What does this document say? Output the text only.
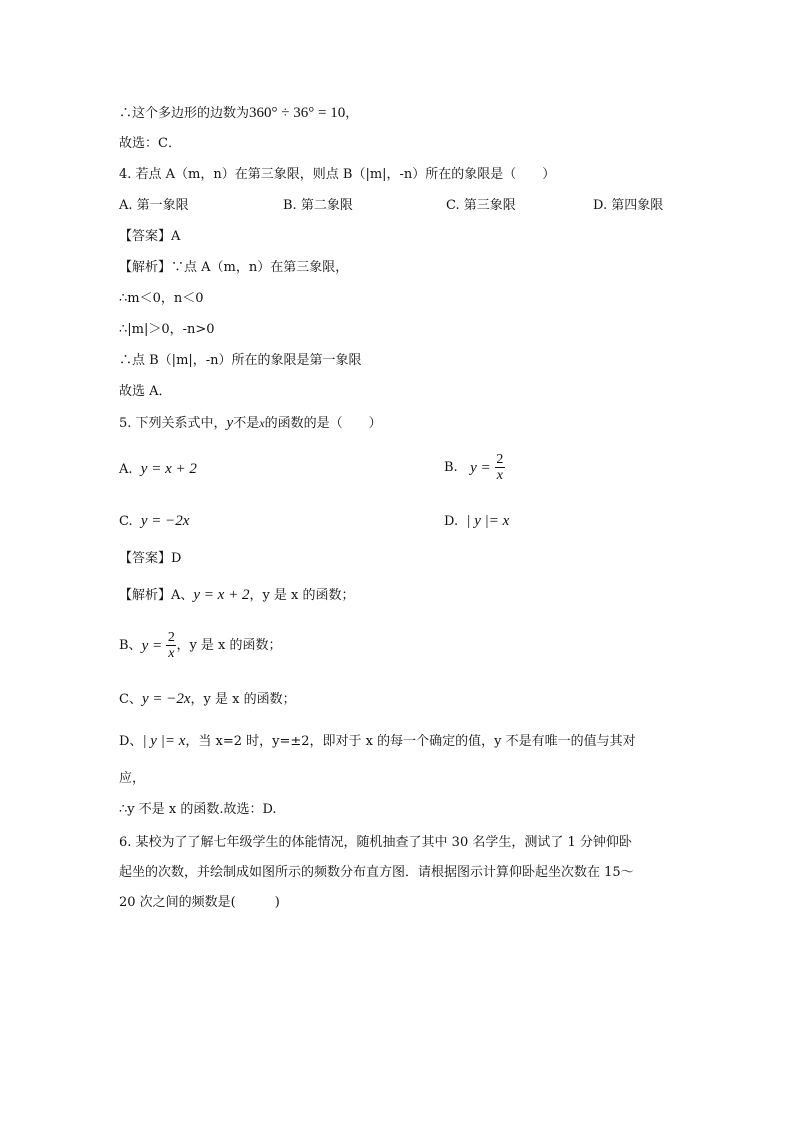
∴这个多边形的边数为360° ÷ 36° = 10，
故选：C．
4. 若点 A（m，n）在第三象限，则点 B（|m|，-n）所在的象限是（　　）
A. 第一象限	B. 第二象限	C. 第三象限	D. 第四象限
【答案】A
【解析】∵点 A（m，n）在第三象限，
∴m＜0，n＜0
∴|m|＞0，-n>0
∴点 B（|m|，-n）所在的象限是第一象限
故选 A．
5. 下列关系式中，y不是x的函数的是（　　）
A. y = x + 2	B. $y = \frac{2}{x}$
C. y = −2x	D. | y |= x
【答案】D
【解析】A、y = x + 2，y 是 x 的函数；
B、$y = \frac{2}{x}$ ，y 是 x 的函数；
C、y = −2x，y 是 x 的函数；
D、| y |= x，当 x=2 时，y=±2，即对于 x 的每一个确定的值，y 不是有唯一的值与其对
应，
∴y 不是 x 的函数.故选：D.
6. 某校为了了解七年级学生的体能情况，随机抽查了其中 30 名学生，测试了 1 分钟仰卧
起坐的次数，并绘制成如图所示的频数分布直方图．请根据图示计算仰卧起坐次数在 15～
20 次之间的频数是(　　　)
